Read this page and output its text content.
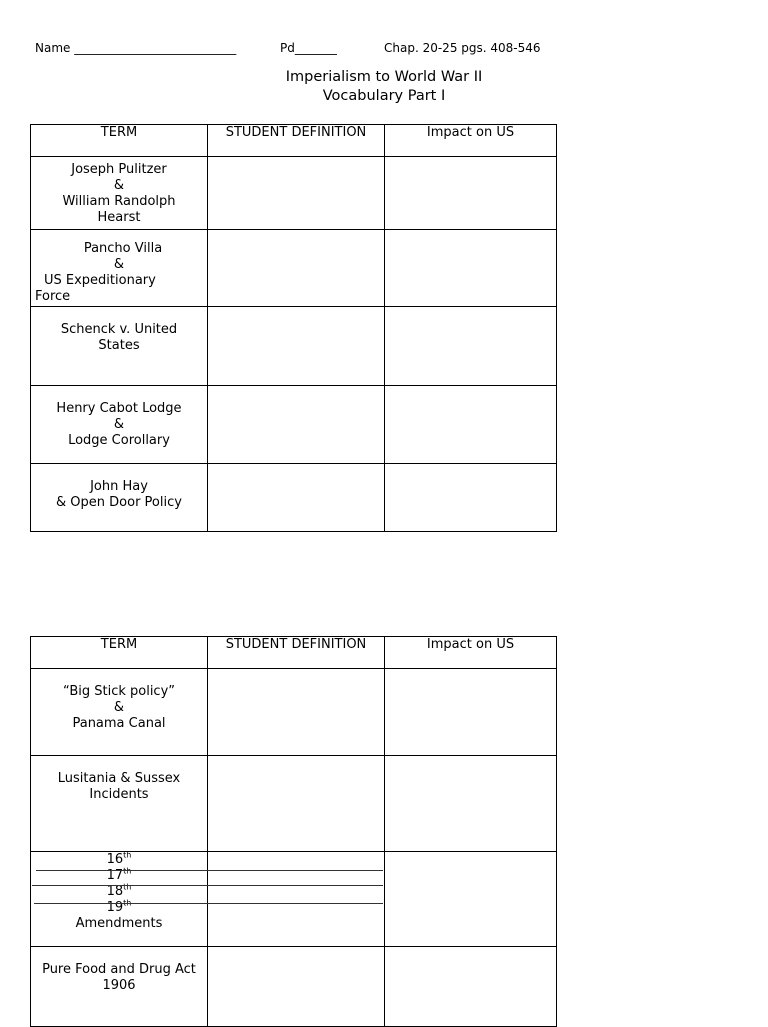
Name ___________________________	Pd_______	Chap. 20-25 pgs. 408-546
Imperialism to World War II
Vocabulary Part I
TERM	STUDENT DEFINITION	Impact on US

Joseph Pulitzer
&
William Randolph
Hearst		

Pancho Villa
&
US Expeditionary
Force		

Schenck v. United
States		

Henry Cabot Lodge
&
Lodge Corollary		

John Hay
& Open Door Policy		

TERM	STUDENT DEFINITION	Impact on US

“Big Stick policy”
&
Panama Canal		

Lusitania & Sussex
Incidents		

16th
17th
18th
19th
Amendments		

Pure Food and Drug Act
1906		
